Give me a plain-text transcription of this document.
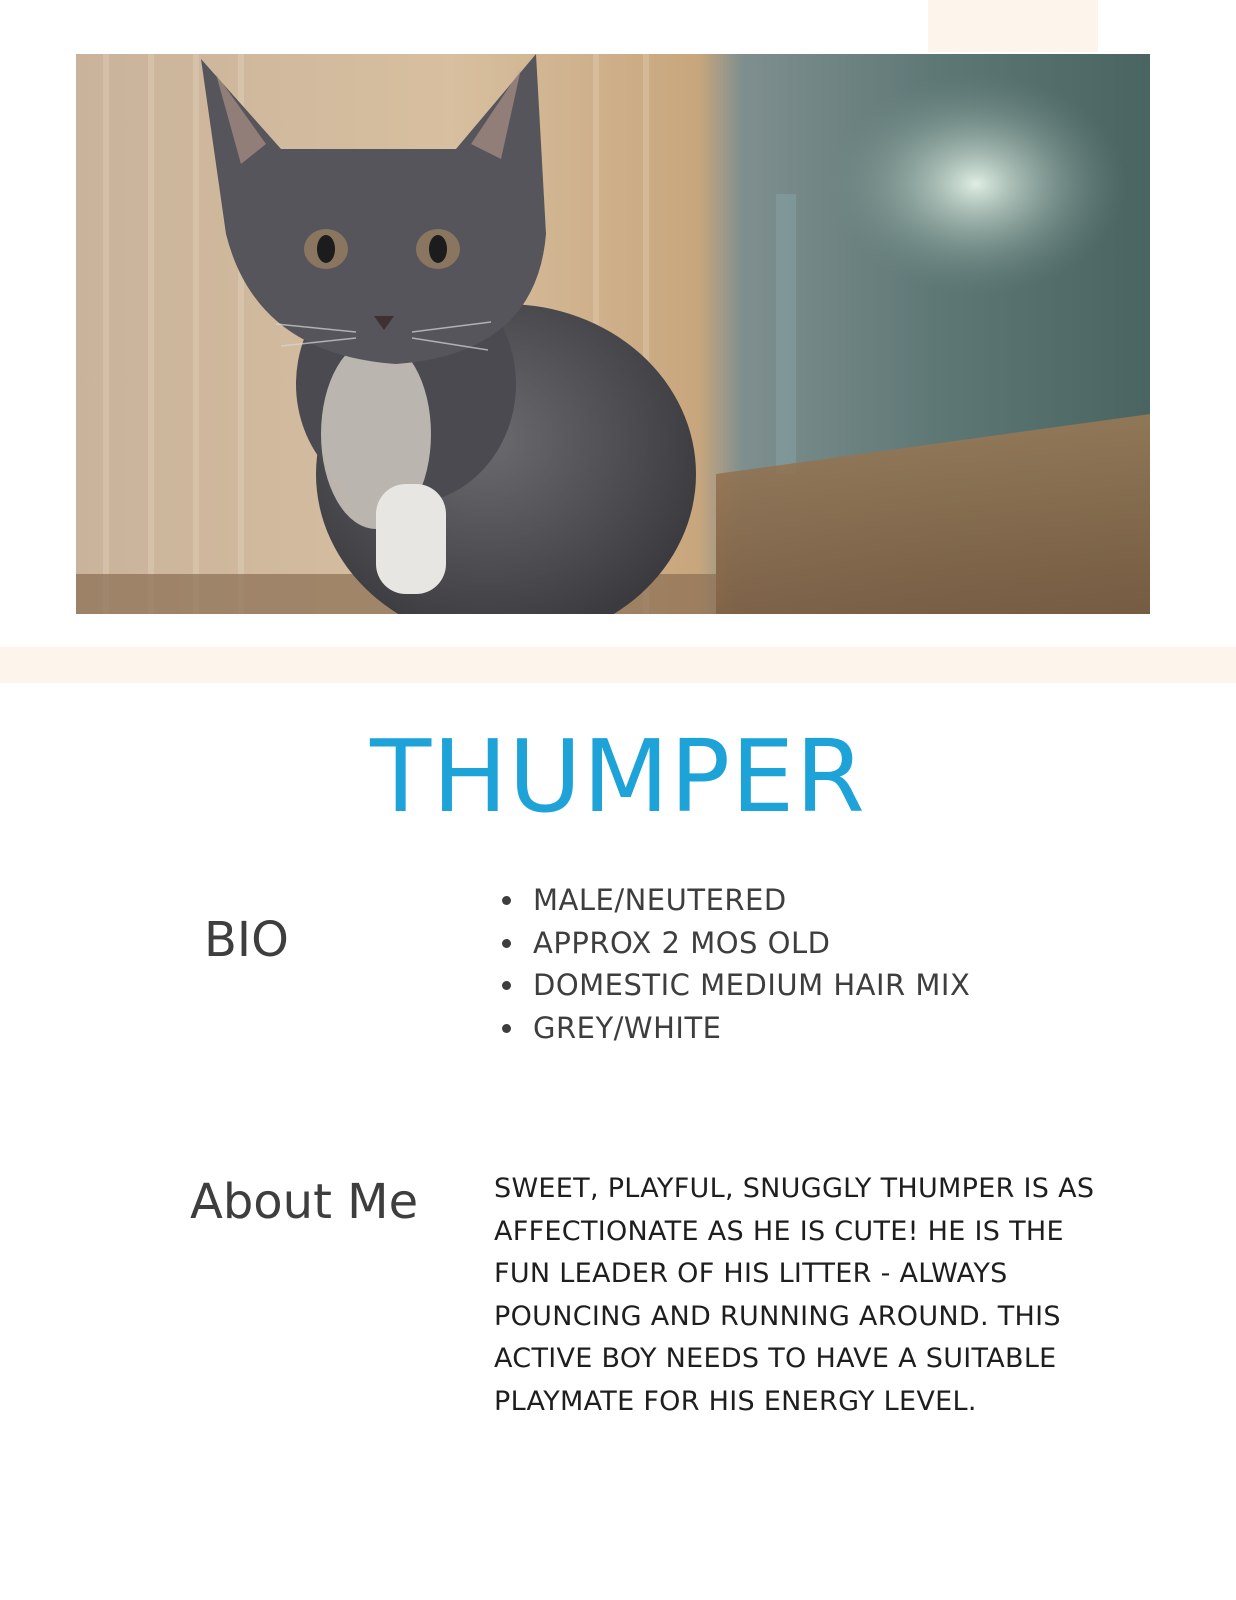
THUMPER
BIO
MALE/NEUTERED
APPROX 2 MOS OLD
DOMESTIC MEDIUM HAIR MIX
GREY/WHITE
About Me	SWEET, PLAYFUL, SNUGGLY THUMPER IS AS AFFECTIONATE AS HE IS CUTE! HE IS THE FUN LEADER OF HIS LITTER - ALWAYS POUNCING AND RUNNING AROUND. THIS ACTIVE BOY NEEDS TO HAVE A SUITABLE PLAYMATE FOR HIS ENERGY LEVEL.
